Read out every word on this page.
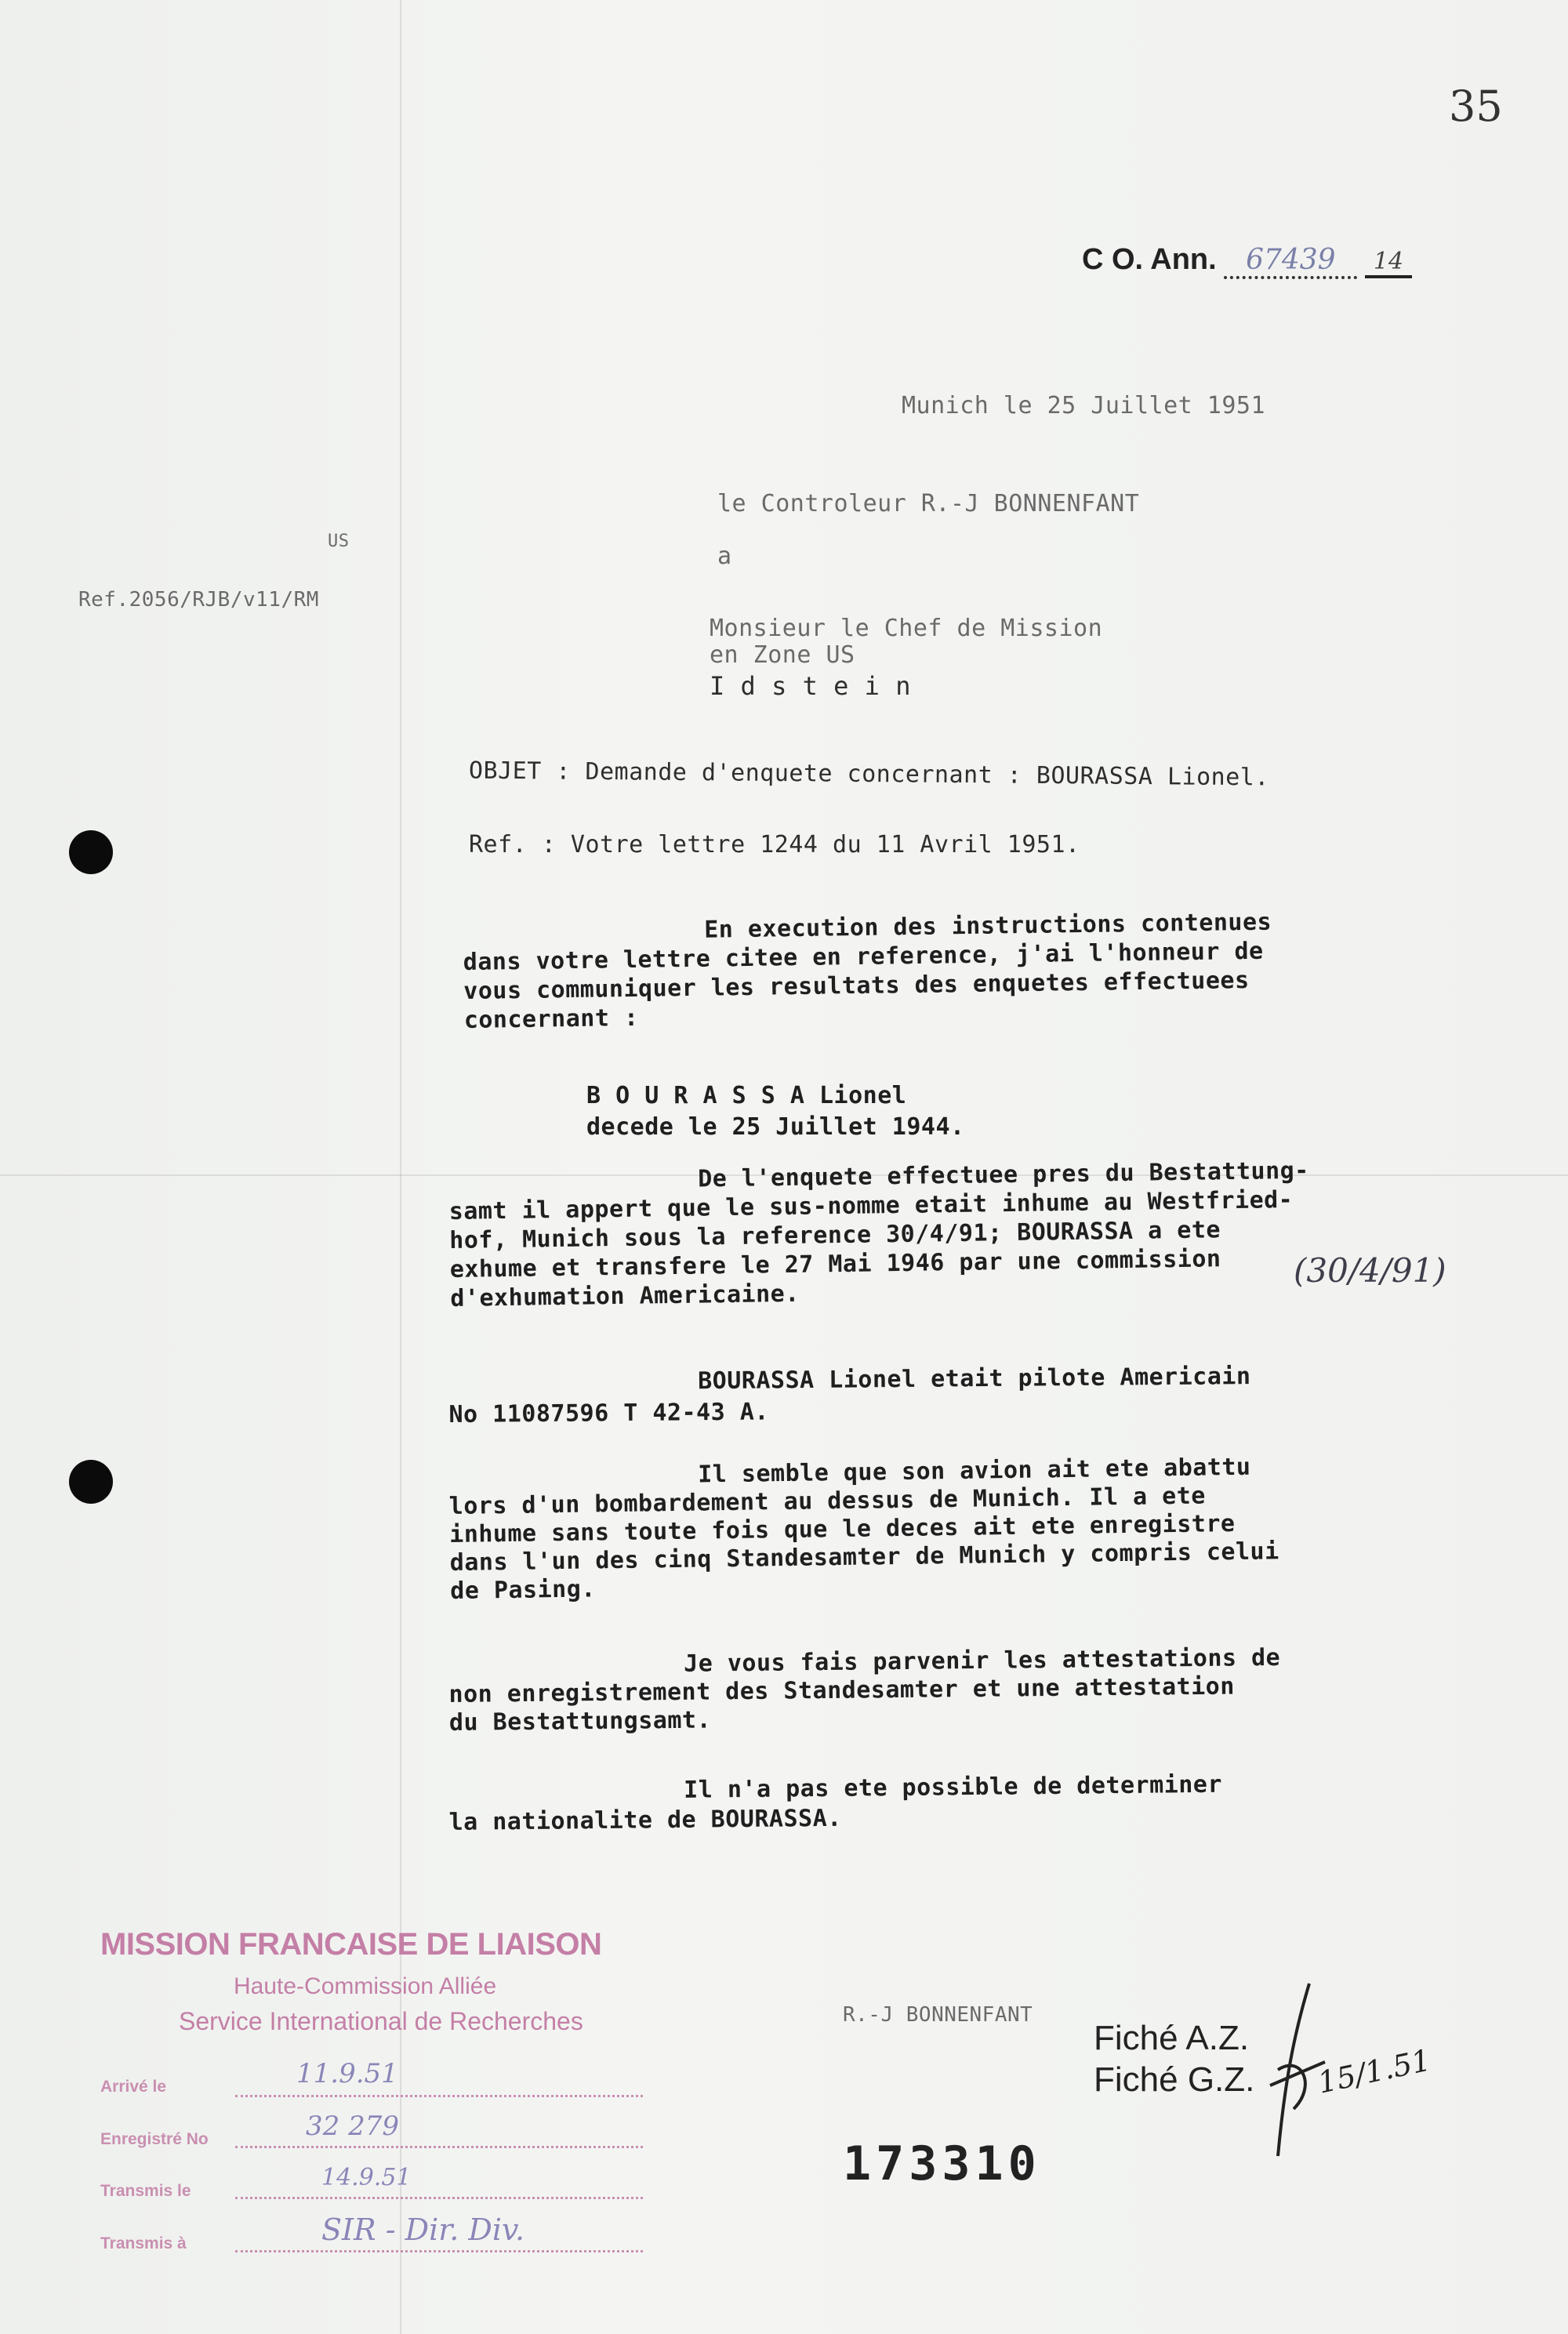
35
C O. Ann. 67439 14
Munich le 25 Juillet 1951
le Controleur R.-J BONNENFANT
a
US
Ref.2056/RJB/v11/RM
Monsieur le Chef de Mission
en Zone US
I d s t e i n
OBJET : Demande d'enquete concernant : BOURASSA Lionel.
Ref. : Votre lettre 1244 du 11 Avril 1951.
En execution des instructions contenues
dans votre lettre citee en reference, j'ai l'honneur de
vous communiquer les resultats des enquetes effectuees
concernant :
B O U R A S S A Lionel
decede le 25 Juillet 1944.
De l'enquete effectuee pres du Bestattung-
samt il appert que le sus-nomme etait inhume au Westfried-
hof, Munich sous la reference 30/4/91; BOURASSA a ete
exhume et transfere le 27 Mai 1946 par une commission
d'exhumation Americaine.
(30/4/91)
BOURASSA Lionel etait pilote Americain
No 11087596 T 42-43 A.
Il semble que son avion ait ete abattu
lors d'un bombardement au dessus de Munich. Il a ete
inhume sans toute fois que le deces ait ete enregistre
dans l'un des cinq Standesamter de Munich y compris celui
de Pasing.
Je vous fais parvenir les attestations de
non enregistrement des Standesamter et une attestation
du Bestattungsamt.
Il n'a pas ete possible de determiner
la nationalite de BOURASSA.
R.-J BONNENFANT
Fiché A.Z.
Fiché G.Z. 15/1.51
173310
MISSION FRANCAISE DE LIAISON
Haute-Commission Alliée
Service International de Recherches
Arrivé le	11.9.51
Enregistré No	32 279
Transmis le	14.9.51
Transmis à	SIR - Dir. Div.
